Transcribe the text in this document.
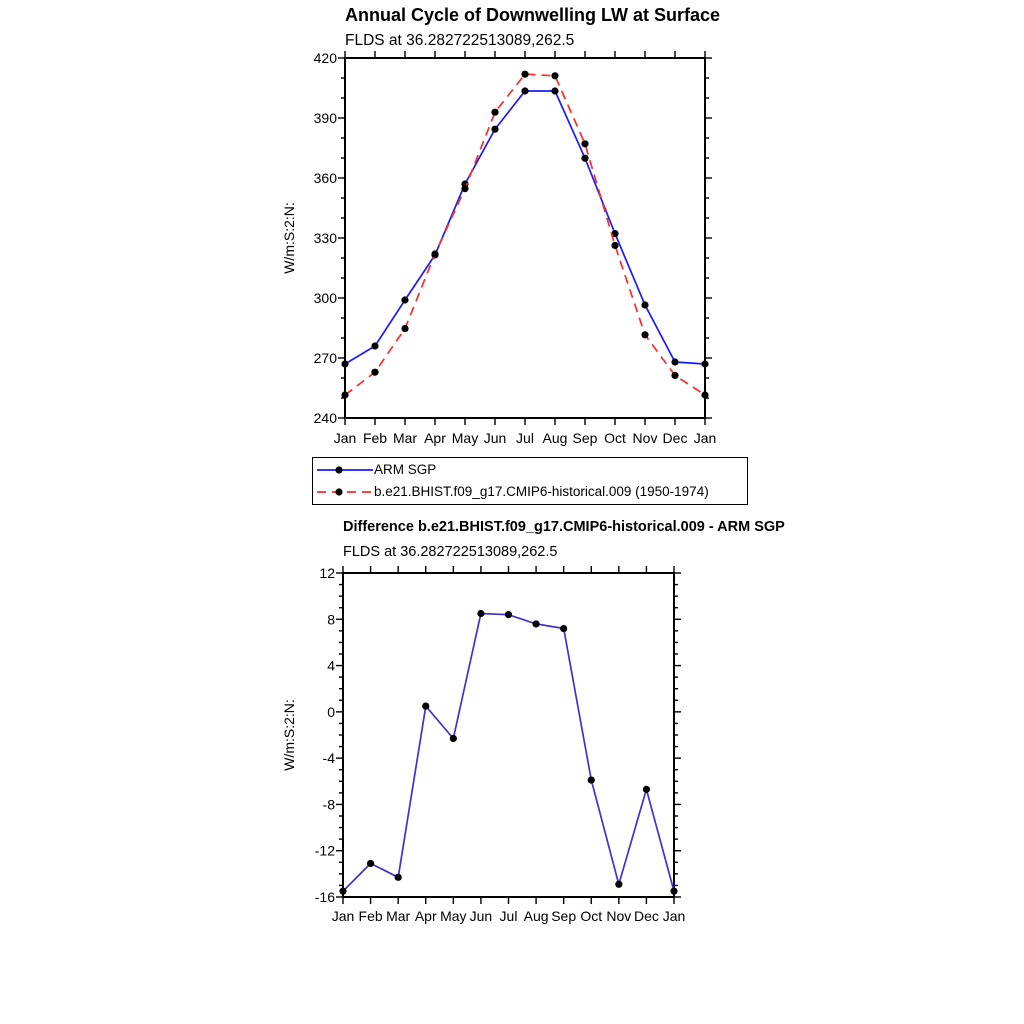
Jan Feb Mar Apr May Jun Jul Aug Sep Oct Nov Dec Jan
240
270
300
330
360
390
420
W/m:S:2:N:
Jan Feb Mar Apr May Jun Jul Aug Sep Oct Nov Dec Jan
-16
-12
-8
-4
0
4
8
12
W/m:S:2:N:
Annual Cycle of Downwelling LW at Surface
FLDS at 36.282722513089,262.5
ARM SGP
b.e21.BHIST.f09_g17.CMIP6-historical.009 (1950-1974)
Difference b.e21.BHIST.f09_g17.CMIP6-historical.009 - ARM SGP
FLDS at 36.282722513089,262.5
